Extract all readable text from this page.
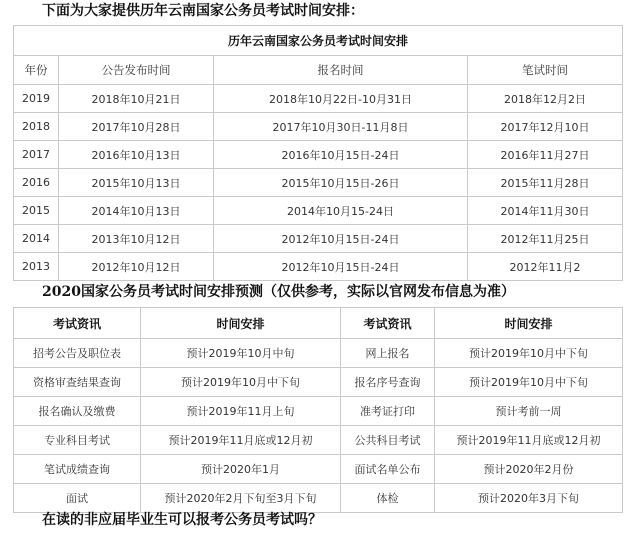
下面为大家提供历年云南国家公务员考试时间安排：
历年云南国家公务员考试时间安排			
年份	公告发布时间	报名时间	笔试时间
2019	2018年10月21日	2018年10月22日-10月31日	2018年12月2日
2018	2017年10月28日	2017年10月30日-11月8日	2017年12月10日
2017	2016年10月13日	2016年10月15日-24日	2016年11月27日
2016	2015年10月13日	2015年10月15日-26日	2015年11月28日
2015	2014年10月13日	2014年10月15-24日	2014年11月30日
2014	2013年10月12日	2012年10月15日-24日	2012年11月25日
2013	2012年10月12日	2012年10月15日-24日	2012年11月2
2020国家公务员考试时间安排预测（仅供参考，实际以官网发布信息为准）
考试资讯	时间安排	考试资讯	时间安排
招考公告及职位表	预计2019年10月中旬	网上报名	预计2019年10月中下旬
资格审查结果查询	预计2019年10月中下旬	报名序号查询	预计2019年10月中下旬
报名确认及缴费	预计2019年11月上旬	准考证打印	预计考前一周
专业科目考试	预计2019年11月底或12月初	公共科目考试	预计2019年11月底或12月初
笔试成绩查询	预计2020年1月	面试名单公布	预计2020年2月份
面试	预计2020年2月下旬至3月下旬	体检	预计2020年3月下旬
在读的非应届毕业生可以报考公务员考试吗？
